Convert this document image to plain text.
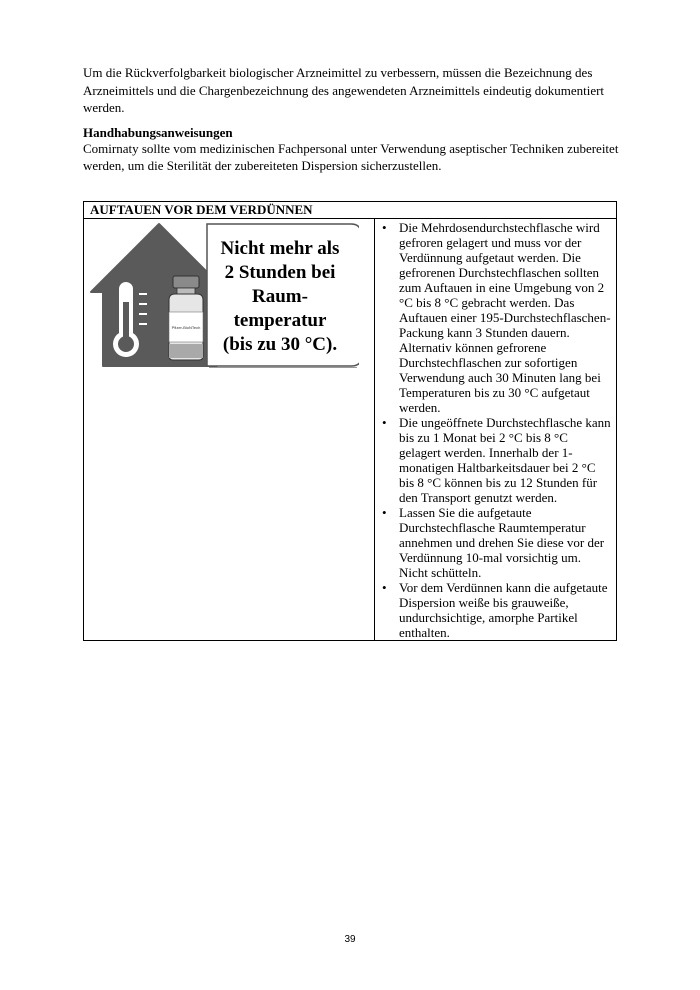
Um die Rückverfolgbarkeit biologischer Arzneimittel zu verbessern, müssen die Bezeichnung des Arzneimittels und die Chargenbezeichnung des angewendeten Arzneimittels eindeutig dokumentiert werden.

Handhabungsanweisungen

Comirnaty sollte vom medizinischen Fachpersonal unter Verwendung aseptischer Techniken zubereitet werden, um die Sterilität der zubereiteten Dispersion sicherzustellen.

AUFTAUEN VOR DEM VERDÜNNEN

Pfizer-BioNTech
Nicht mehr als
2 Stunden bei
Raum-
temperatur
(bis zu 30 °C).

• Die Mehrdosendurchstechflasche wird gefroren gelagert und muss vor der Verdünnung aufgetaut werden. Die gefrorenen Durchstechflaschen sollten zum Auftauen in eine Umgebung von 2 °C bis 8 °C gebracht werden. Das Auftauen einer 195-Durchstechflaschen-Packung kann 3 Stunden dauern. Alternativ können gefrorene Durchstechflaschen zur sofortigen Verwendung auch 30 Minuten lang bei Temperaturen bis zu 30 °C aufgetaut werden.
• Die ungeöffnete Durchstechflasche kann bis zu 1 Monat bei 2 °C bis 8 °C gelagert werden. Innerhalb der 1-monatigen Haltbarkeitsdauer bei 2 °C bis 8 °C können bis zu 12 Stunden für den Transport genutzt werden.
• Lassen Sie die aufgetaute Durchstechflasche Raumtemperatur annehmen und drehen Sie diese vor der Verdünnung 10-mal vorsichtig um. Nicht schütteln.
• Vor dem Verdünnen kann die aufgetaute Dispersion weiße bis grauweiße, undurchsichtige, amorphe Partikel enthalten.
39
